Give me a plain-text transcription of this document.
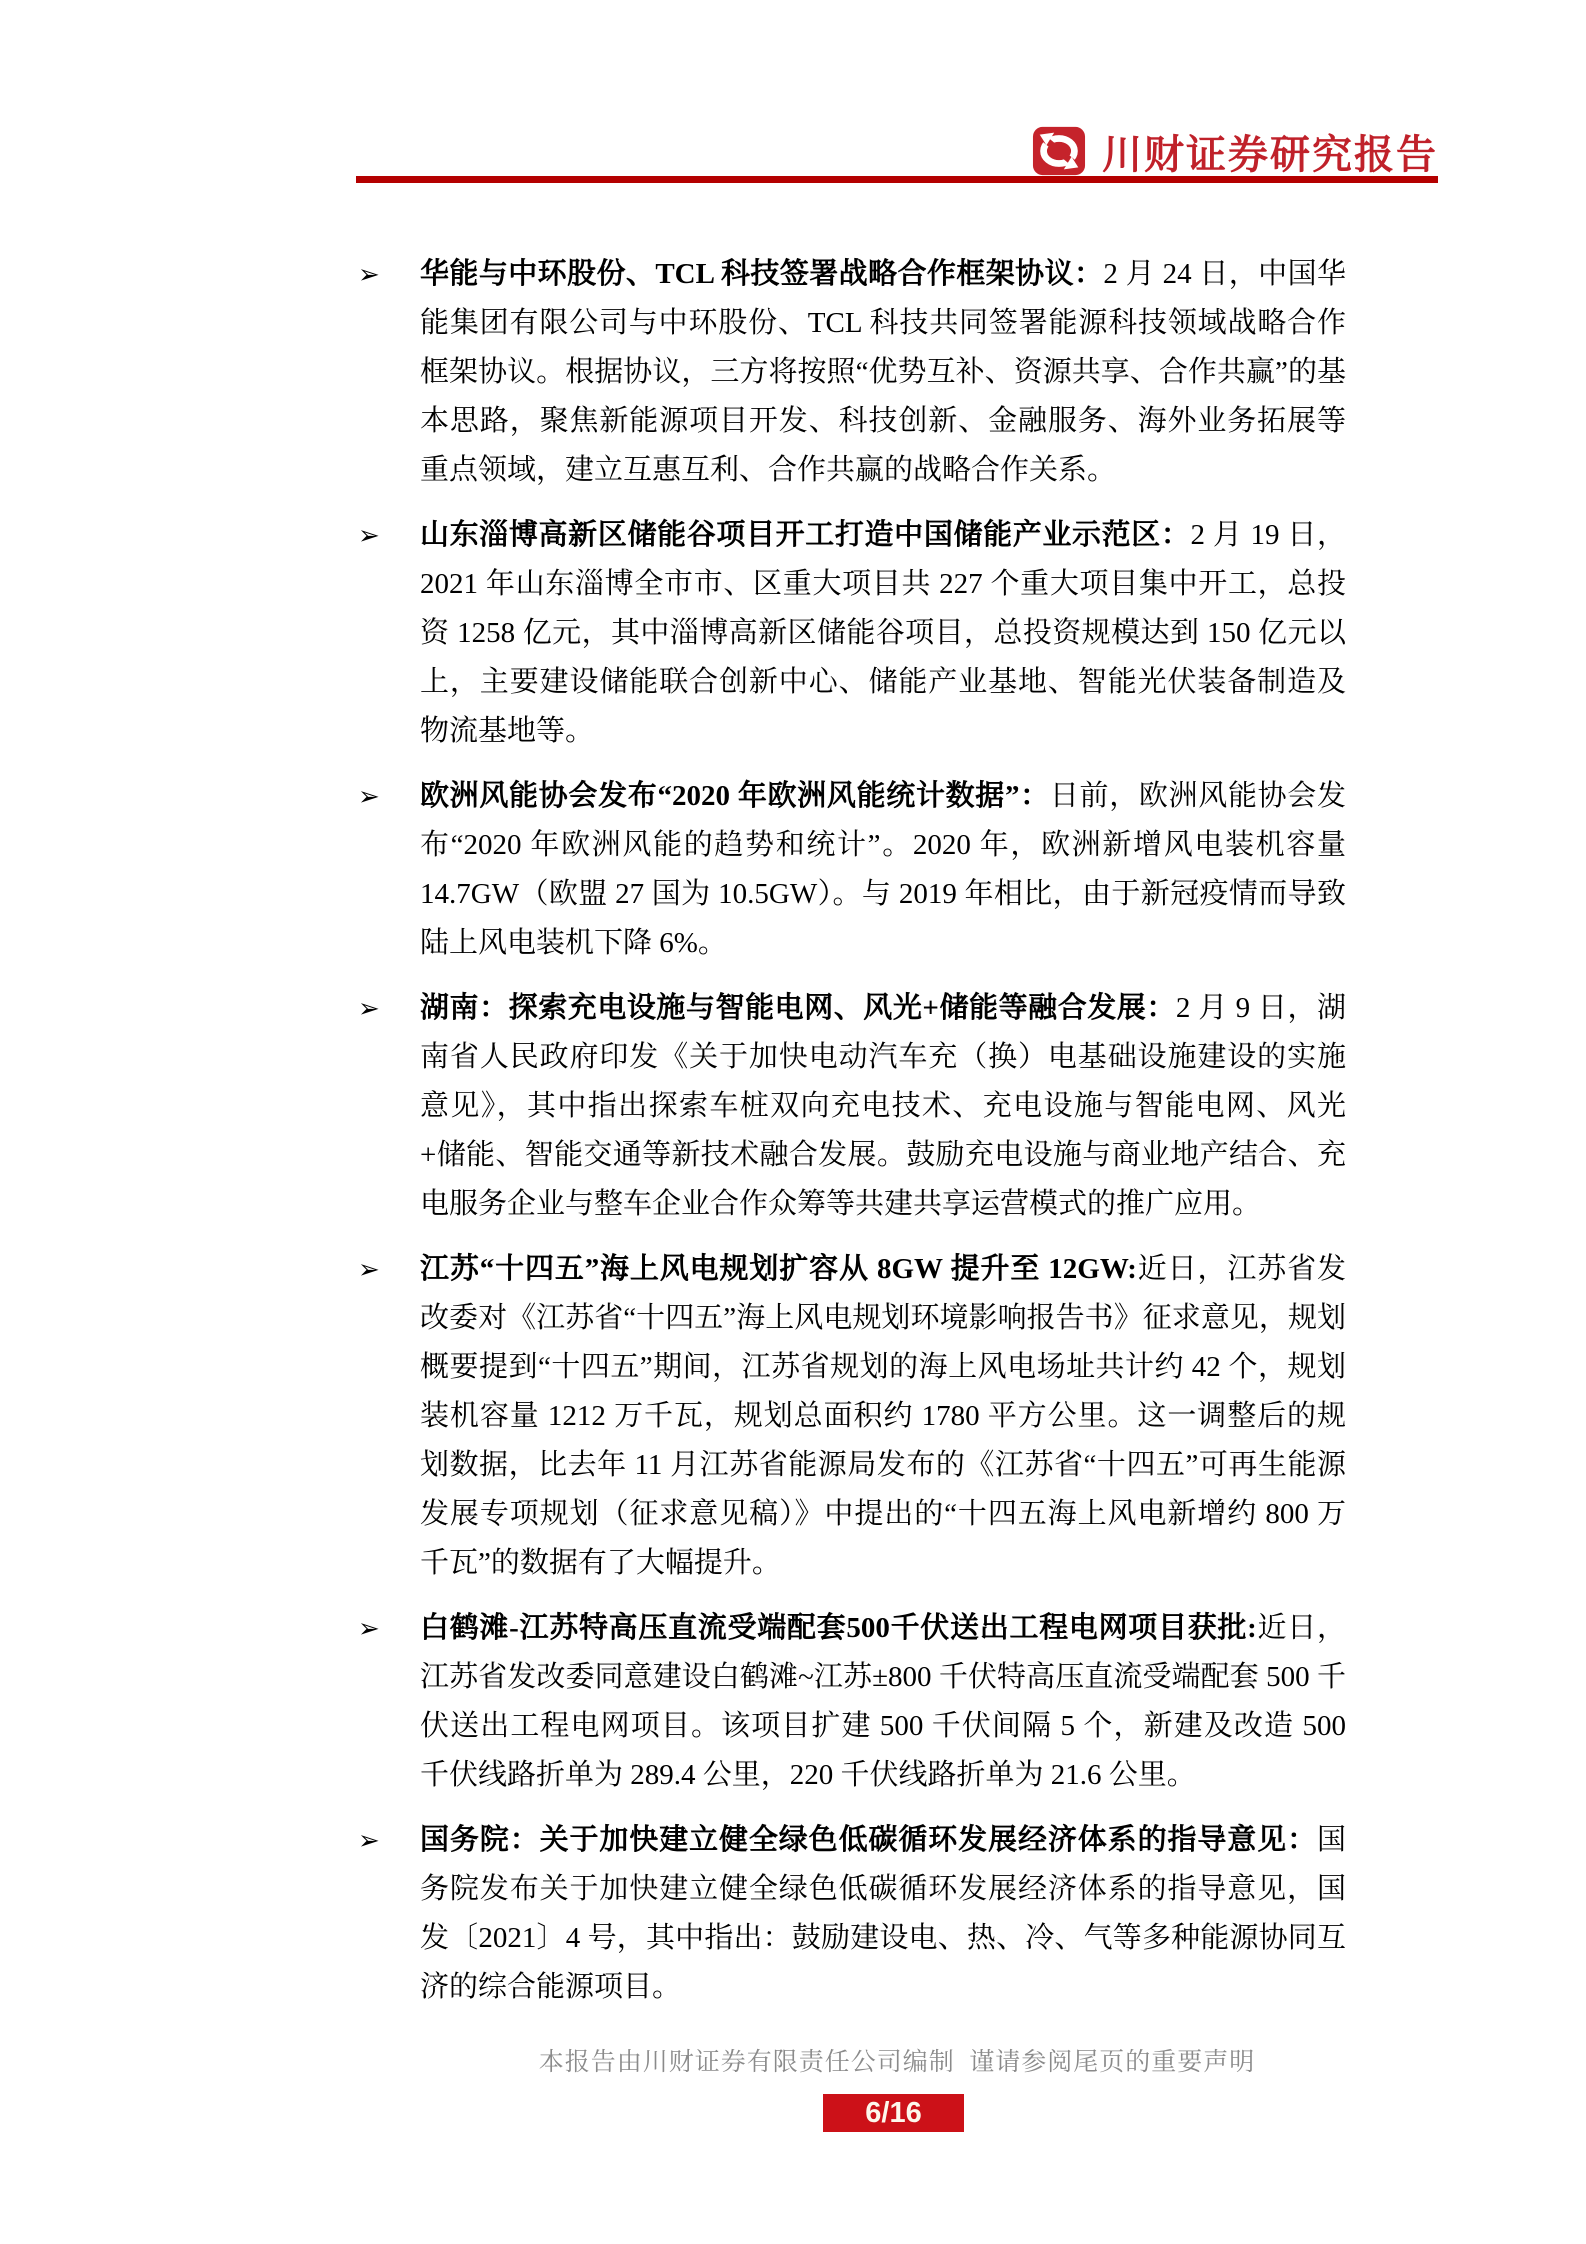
川财证券研究报告
➢ 华能与中环股份、TCL 科技签署战略合作框架协议：2 月 24 日，中国华能集团有限公司与中环股份、TCL 科技共同签署能源科技领域战略合作框架协议。根据协议，三方将按照“优势互补、资源共享、合作共赢”的基本思路，聚焦新能源项目开发、科技创新、金融服务、海外业务拓展等重点领域，建立互惠互利、合作共赢的战略合作关系。
➢ 山东淄博高新区储能谷项目开工打造中国储能产业示范区：2 月 19 日，2021 年山东淄博全市市、区重大项目共 227 个重大项目集中开工，总投资 1258 亿元，其中淄博高新区储能谷项目，总投资规模达到 150 亿元以上，主要建设储能联合创新中心、储能产业基地、智能光伏装备制造及物流基地等。
➢ 欧洲风能协会发布“2020 年欧洲风能统计数据”：日前，欧洲风能协会发布“2020 年欧洲风能的趋势和统计”。2020 年，欧洲新增风电装机容量 14.7GW（欧盟 27 国为 10.5GW）。与 2019 年相比，由于新冠疫情而导致陆上风电装机下降 6%。
➢ 湖南：探索充电设施与智能电网、风光+储能等融合发展：2 月 9 日，湖南省人民政府印发《关于加快电动汽车充（换）电基础设施建设的实施意见》，其中指出探索车桩双向充电技术、充电设施与智能电网、风光+储能、智能交通等新技术融合发展。鼓励充电设施与商业地产结合、充电服务企业与整车企业合作众筹等共建共享运营模式的推广应用。
➢ 江苏“十四五”海上风电规划扩容从 8GW 提升至 12GW:近日，江苏省发改委对《江苏省“十四五”海上风电规划环境影响报告书》征求意见，规划概要提到“十四五”期间，江苏省规划的海上风电场址共计约 42 个，规划装机容量 1212 万千瓦，规划总面积约 1780 平方公里。这一调整后的规划数据，比去年 11 月江苏省能源局发布的《江苏省“十四五”可再生能源发展专项规划（征求意见稿）》中提出的“十四五海上风电新增约 800 万千瓦”的数据有了大幅提升。
➢ 白鹤滩-江苏特高压直流受端配套500千伏送出工程电网项目获批:近日，江苏省发改委同意建设白鹤滩~江苏±800 千伏特高压直流受端配套 500 千伏送出工程电网项目。该项目扩建 500 千伏间隔 5 个，新建及改造 500 千伏线路折单为 289.4 公里，220 千伏线路折单为 21.6 公里。
➢ 国务院：关于加快建立健全绿色低碳循环发展经济体系的指导意见：国务院发布关于加快建立健全绿色低碳循环发展经济体系的指导意见，国发〔2021〕4 号，其中指出：鼓励建设电、热、冷、气等多种能源协同互济的综合能源项目。
本报告由川财证券有限责任公司编制  谨请参阅尾页的重要声明
6/16
